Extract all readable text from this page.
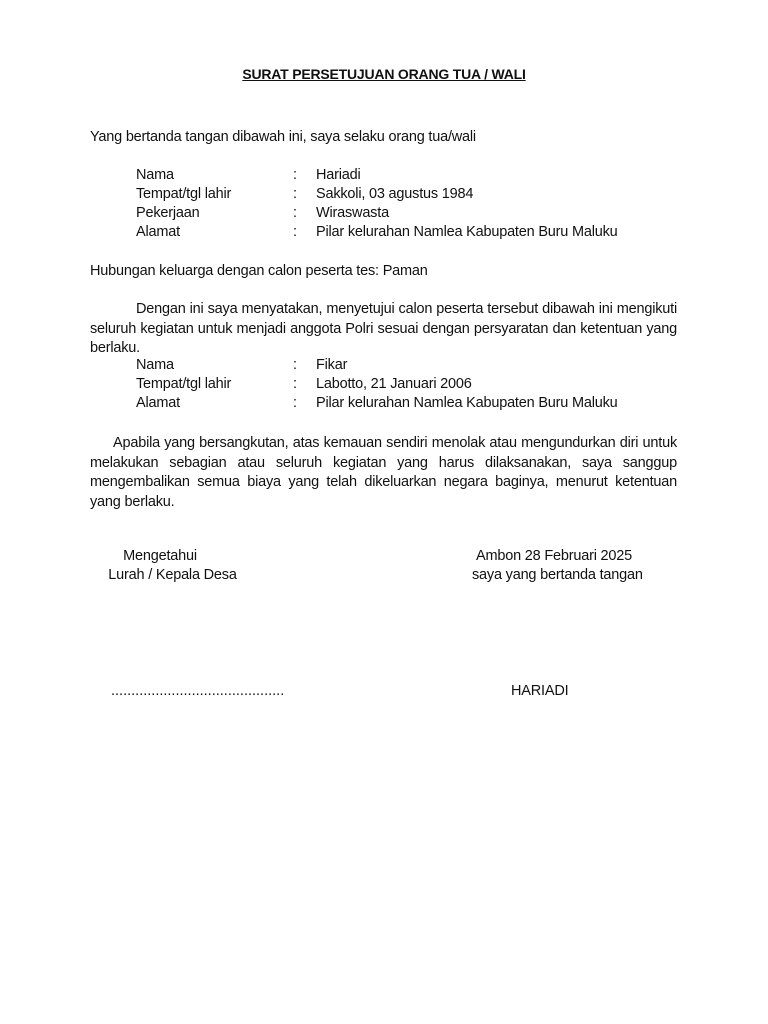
SURAT PERSETUJUAN ORANG TUA / WALI
Yang bertanda tangan dibawah ini, saya selaku orang tua/wali
Nama	: Hariadi
Tempat/tgl lahir	: Sakkoli, 03 agustus 1984
Pekerjaan	: Wiraswasta
Alamat	: Pilar kelurahan Namlea Kabupaten Buru Maluku
Hubungan keluarga dengan calon peserta tes: Paman
Dengan ini saya menyatakan, menyetujui calon peserta tersebut dibawah ini mengikuti seluruh kegiatan untuk menjadi anggota Polri sesuai dengan persyaratan dan ketentuan yang berlaku.
Nama	: Fikar
Tempat/tgl lahir	: Labotto, 21 Januari 2006
Alamat	: Pilar kelurahan Namlea Kabupaten Buru Maluku
Apabila yang bersangkutan, atas kemauan sendiri menolak atau mengundurkan diri untuk melakukan sebagian atau seluruh kegiatan yang harus dilaksanakan, saya sanggup mengembalikan semua biaya yang telah dikeluarkan negara baginya, menurut ketentuan yang berlaku.
Mengetahui
Lurah / Kepala Desa
...........................................
Ambon 28 Februari 2025
saya yang bertanda tangan
HARIADI
